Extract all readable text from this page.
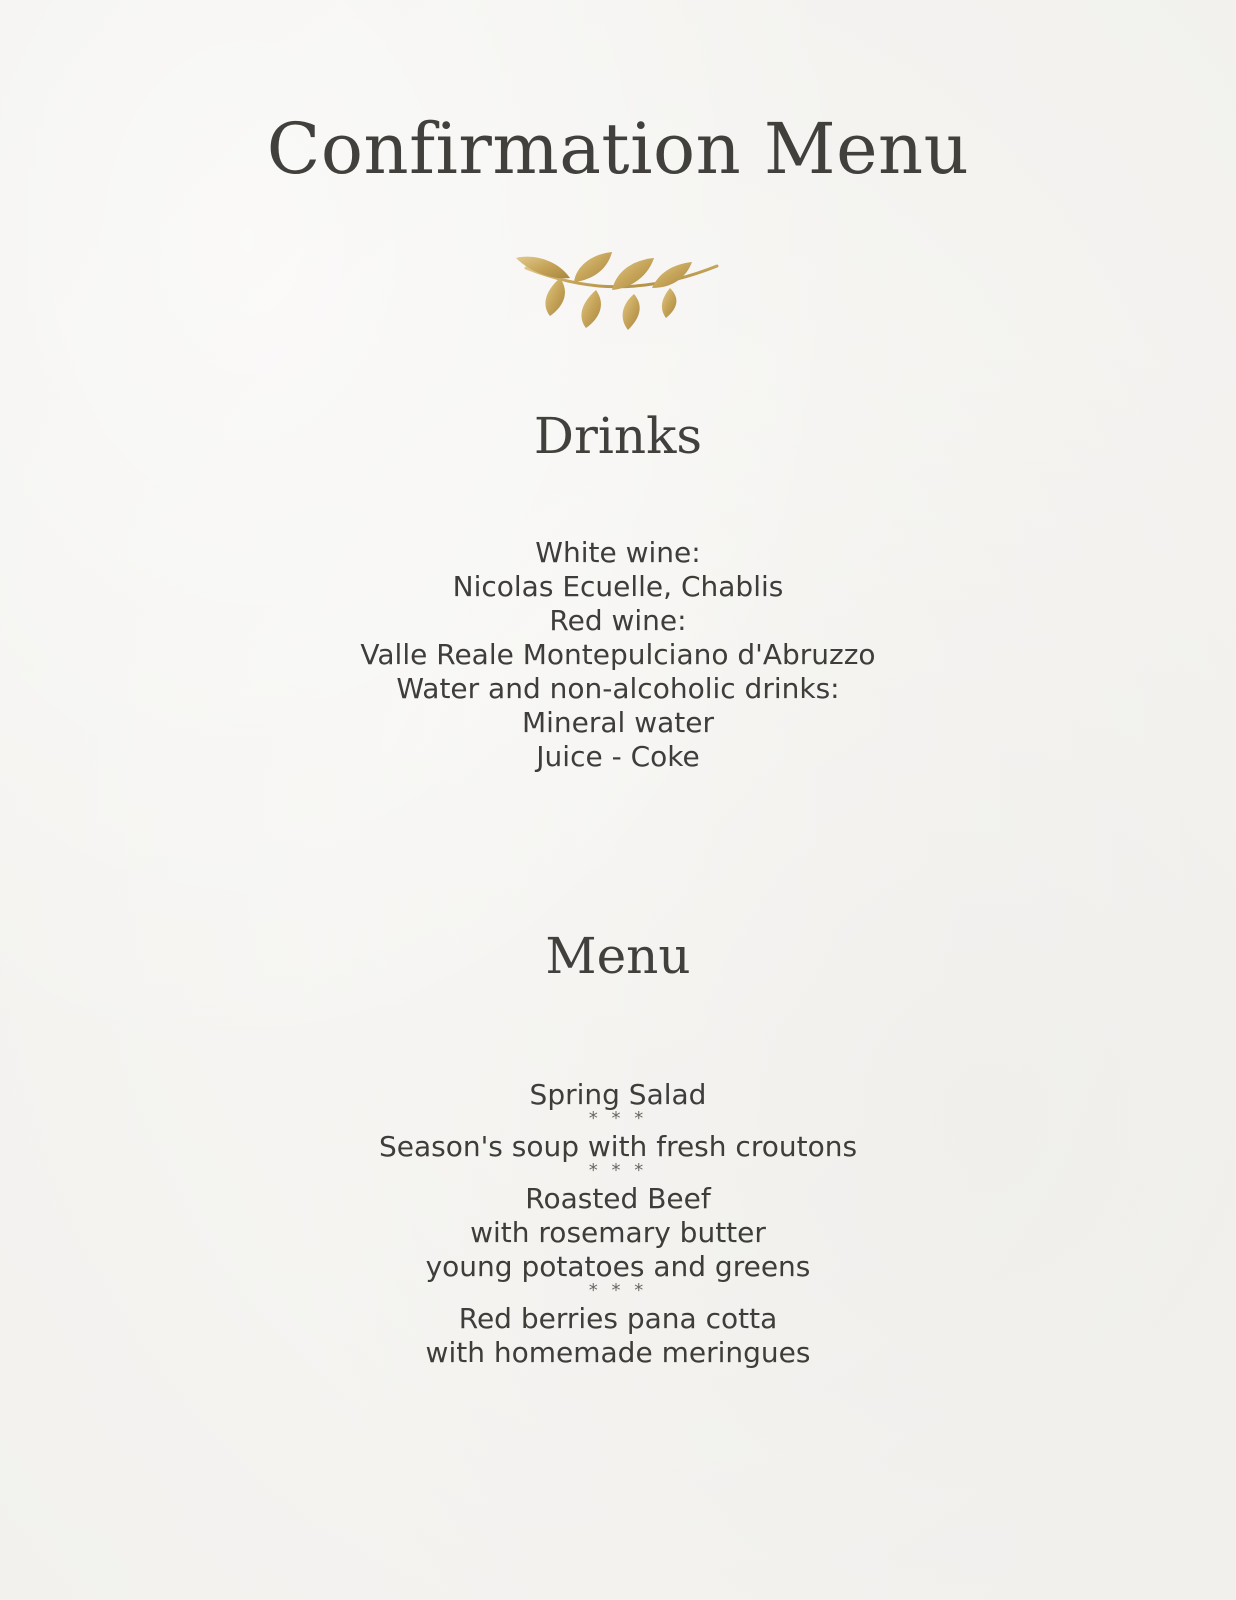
Confirmation Menu
Drinks
White wine:
Nicolas Ecuelle, Chablis
Red wine:
Valle Reale Montepulciano d'Abruzzo
Water and non-alcoholic drinks:
Mineral water
Juice - Coke
Menu
Spring Salad
* * *
Season's soup with fresh croutons
* * *
Roasted Beef
with rosemary butter
young potatoes and greens
* * *
Red berries pana cotta
with homemade meringues
